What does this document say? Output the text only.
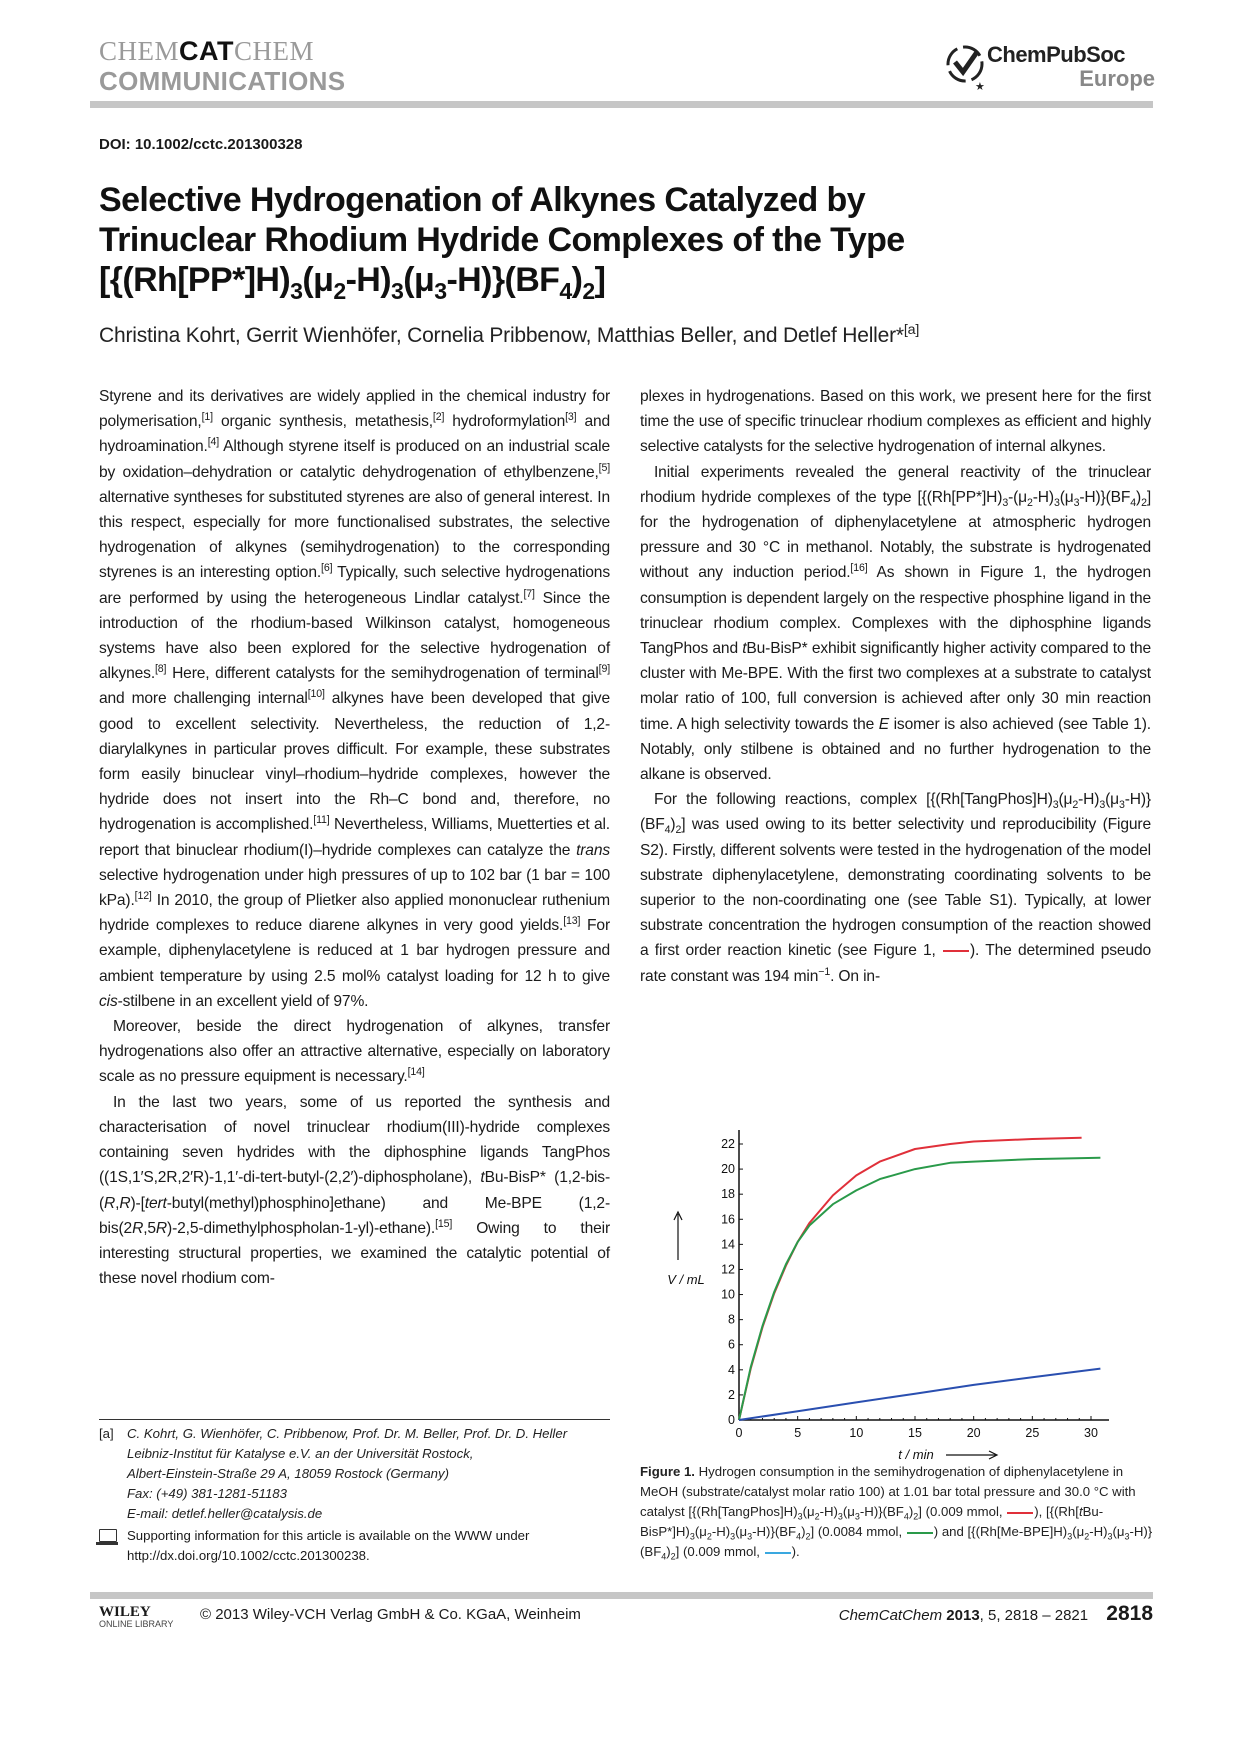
CHEMCATCHEM
COMMUNICATIONS	★
ChemPubSoc
Europe
DOI: 10.1002/cctc.201300328
Selective Hydrogenation of Alkynes Catalyzed by
Trinuclear Rhodium Hydride Complexes of the Type
$[\{(Rh[PP*]H)_3(\mu_2-H)_3(\mu_3-H)\}(BF_4)_2]$
Christina Kohrt, Gerrit Wienhöfer, Cornelia Pribbenow, Matthias Beller, and Detlef Heller*[a]

Styrene and its derivatives are widely applied in the chemical industry for polymerisation,[1] organic synthesis, metathesis,[2] hydroformylation[3] and hydroamination.[4] Although styrene itself is produced on an industrial scale by oxidation–dehydration or catalytic dehydrogenation of ethylbenzene,[5] alternative syntheses for substituted styrenes are also of general interest. In this respect, especially for more functionalised substrates, the selective hydrogenation of alkynes (semihydrogenation) to the corresponding styrenes is an interesting option.[6] Typically, such selective hydrogenations are performed by using the heterogeneous Lindlar catalyst.[7] Since the introduction of the rhodium-based Wilkinson catalyst, homogeneous systems have also been explored for the selective hydrogenation of alkynes.[8] Here, different catalysts for the semihydrogenation of terminal[9] and more challenging internal[10] alkynes have been developed that give good to excellent selectivity. Nevertheless, the reduction of 1,2-diarylalkynes in particular proves difficult. For example, these substrates form easily binuclear vinyl–rhodium–hydride complexes, however the hydride does not insert into the Rh–C bond and, therefore, no hydrogenation is accomplished.[11] Nevertheless, Williams, Muetterties et al. report that binuclear rhodium(I)–hydride complexes can catalyze the trans selective hydrogenation under high pressures of up to 102 bar (1 bar = 100 kPa).[12] In 2010, the group of Plietker also applied mononuclear ruthenium hydride complexes to reduce diarene alkynes in very good yields.[13] For example, diphenylacetylene is reduced at 1 bar hydrogen pressure and ambient temperature by using 2.5 mol% catalyst loading for 12 h to give cis-stilbene in an excellent yield of 97%.

Moreover, beside the direct hydrogenation of alkynes, transfer hydrogenations also offer an attractive alternative, especially on laboratory scale as no pressure equipment is necessary.[14]

In the last two years, some of us reported the synthesis and characterisation of novel trinuclear rhodium(III)-hydride complexes containing seven hydrides with the diphosphine ligands TangPhos ((1S,1′S,2R,2′R)-1,1′-di-tert-butyl-(2,2′)-diphospholane), tBu-BisP* (1,2-bis-(R,R)-[tert-butyl(methyl)phosphino]ethane) and Me-BPE (1,2-bis(2R,5R)-2,5-dimethylphospholan-1-yl)-ethane).[15] Owing to their interesting structural properties, we examined the catalytic potential of these novel rhodium com-

plexes in hydrogenations. Based on this work, we present here for the first time the use of specific trinuclear rhodium complexes as efficient and highly selective catalysts for the selective hydrogenation of internal alkynes.

Initial experiments revealed the general reactivity of the trinuclear rhodium hydride complexes of the type $[\{(Rh[PP*]H)_3-(\mu_2-H)_3(\mu_3-H)\}(BF_4)_2]$ for the hydrogenation of diphenylacetylene at atmospheric hydrogen pressure and 30 °C in methanol. Notably, the substrate is hydrogenated without any induction period.[16] As shown in Figure 1, the hydrogen consumption is dependent largely on the respective phosphine ligand in the trinuclear rhodium complex. Complexes with the diphosphine ligands TangPhos and tBu-BisP* exhibit significantly higher activity compared to the cluster with Me-BPE. With the first two complexes at a substrate to catalyst molar ratio of 100, full conversion is achieved after only 30 min reaction time. A high selectivity towards the E isomer is also achieved (see Table 1). Notably, only stilbene is obtained and no further hydrogenation to the alkane is observed.

For the following reactions, complex $[\{(Rh[TangPhos]H)_3(\mu_2-H)_3(\mu_3-H)\}(BF_4)_2]$ was used owing to its better selectivity und reproducibility (Figure S2). Firstly, different solvents were tested in the hydrogenation of the model substrate diphenylacetylene, demonstrating coordinating solvents to be superior to the non-coordinating one (see Table S1). Typically, at lower substrate concentration the hydrogen consumption of the reaction showed a first order reaction kinetic (see Figure 1, ). The determined pseudo rate constant was 194 $\min^{-1}$. On in-

0	5	10	15	20	25	30
0
2
4
6
8
10
12
14
16
18
20
22
V / mL
t / min
Figure 1. Hydrogen consumption in the semihydrogenation of diphenylacetylene in MeOH (substrate/catalyst molar ratio 100) at 1.01 bar total pressure and 30.0 °C with catalyst $[\{(Rh[TangPhos]H)_3(\mu_2-H)_3(\mu_3-H)\}(BF_4)_2]$ (0.009 mmol, ), $[\{(Rh[tBu-BisP*]H)_3(\mu_2-H)_3(\mu_3-H)\}(BF_4)_2]$ (0.0084 mmol, ) and $[\{(Rh[Me-BPE]H)_3(\mu_2-H)_3(\mu_3-H)\}(BF_4)_2]$ (0.009 mmol, ).
[a] C. Kohrt, G. Wienhöfer, C. Pribbenow, Prof. Dr. M. Beller, Prof. Dr. D. Heller
Leibniz-Institut für Katalyse e.V. an der Universität Rostock,
Albert-Einstein-Straße 29 A, 18059 Rostock (Germany)
Fax: (+49) 381-1281-51183
E-mail: detlef.heller@catalysis.de
Supporting information for this article is available on the WWW under http://dx.doi.org/10.1002/cctc.201300238.
WILEY
ONLINE LIBRARY
© 2013 Wiley-VCH Verlag GmbH & Co. KGaA, Weinheim	ChemCatChem 2013, 5, 2818 – 2821 2818
